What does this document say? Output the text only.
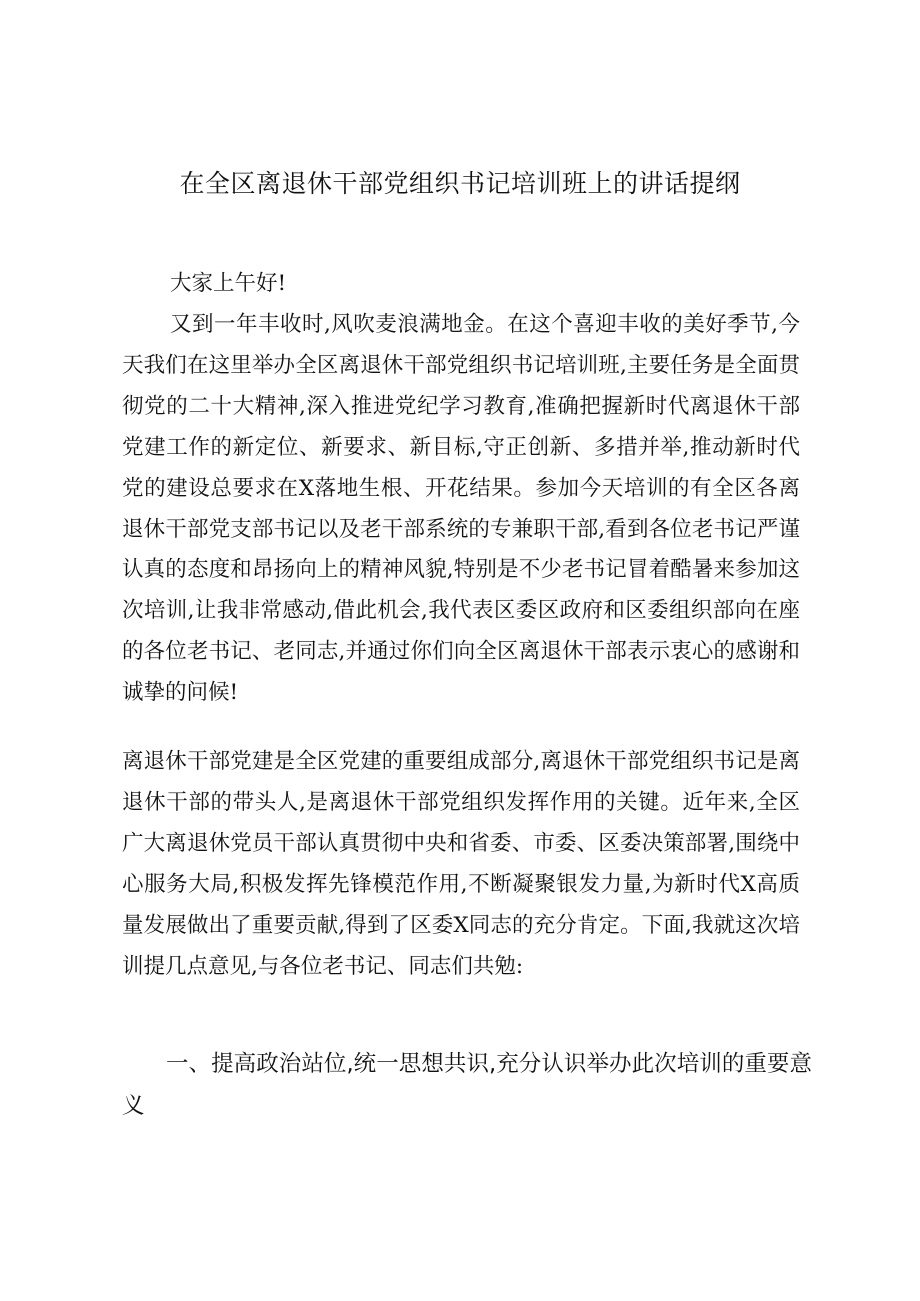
在全区离退休干部党组织书记培训班上的讲话提纲

大家上午好!

又到一年丰收时,风吹麦浪满地金。在这个喜迎丰收的美好季节,今天我们在这里举办全区离退休干部党组织书记培训班,主要任务是全面贯彻党的二十大精神,深入推进党纪学习教育,准确把握新时代离退休干部党建工作的新定位、新要求、新目标,守正创新、多措并举,推动新时代党的建设总要求在X落地生根、开花结果。参加今天培训的有全区各离退休干部党支部书记以及老干部系统的专兼职干部,看到各位老书记严谨认真的态度和昂扬向上的精神风貌,特别是不少老书记冒着酷暑来参加这次培训,让我非常感动,借此机会,我代表区委区政府和区委组织部向在座的各位老书记、老同志,并通过你们向全区离退休干部表示衷心的感谢和诚挚的问候!

离退休干部党建是全区党建的重要组成部分,离退休干部党组织书记是离退休干部的带头人,是离退休干部党组织发挥作用的关键。近年来,全区广大离退休党员干部认真贯彻中央和省委、市委、区委决策部署,围绕中心服务大局,积极发挥先锋模范作用,不断凝聚银发力量,为新时代X高质量发展做出了重要贡献,得到了区委X同志的充分肯定。下面,我就这次培训提几点意见,与各位老书记、同志们共勉:

一、提高政治站位,统一思想共识,充分认识举办此次培训的重要意义
